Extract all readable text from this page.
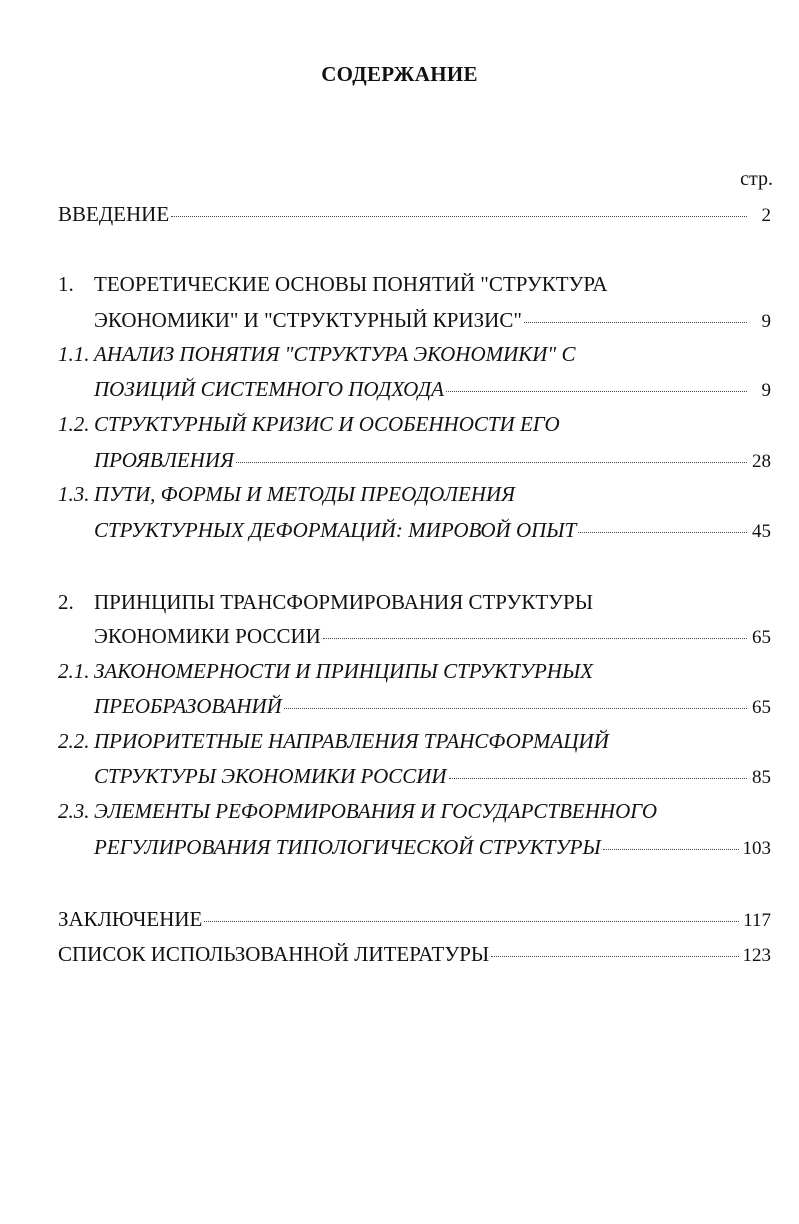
СОДЕРЖАНИЕ
стр.
ВВЕДЕНИЕ	2
1. ТЕОРЕТИЧЕСКИЕ ОСНОВЫ ПОНЯТИЙ "СТРУКТУРА
ЭКОНОМИКИ" И "СТРУКТУРНЫЙ КРИЗИС"	9
1.1. АНАЛИЗ ПОНЯТИЯ "СТРУКТУРА ЭКОНОМИКИ" С
ПОЗИЦИЙ СИСТЕМНОГО ПОДХОДА	9
1.2. СТРУКТУРНЫЙ КРИЗИС И ОСОБЕННОСТИ ЕГО
ПРОЯВЛЕНИЯ	28
1.3. ПУТИ, ФОРМЫ И МЕТОДЫ ПРЕОДОЛЕНИЯ
СТРУКТУРНЫХ ДЕФОРМАЦИЙ: МИРОВОЙ ОПЫТ	45
2. ПРИНЦИПЫ ТРАНСФОРМИРОВАНИЯ СТРУКТУРЫ
ЭКОНОМИКИ РОССИИ	65
2.1. ЗАКОНОМЕРНОСТИ И ПРИНЦИПЫ СТРУКТУРНЫХ
ПРЕОБРАЗОВАНИЙ	65
2.2. ПРИОРИТЕТНЫЕ НАПРАВЛЕНИЯ ТРАНСФОРМАЦИЙ
СТРУКТУРЫ ЭКОНОМИКИ РОССИИ	85
2.3. ЭЛЕМЕНТЫ РЕФОРМИРОВАНИЯ И ГОСУДАРСТВЕННОГО
РЕГУЛИРОВАНИЯ ТИПОЛОГИЧЕСКОЙ СТРУКТУРЫ	103
ЗАКЛЮЧЕНИЕ	117
СПИСОК ИСПОЛЬЗОВАННОЙ ЛИТЕРАТУРЫ	123
